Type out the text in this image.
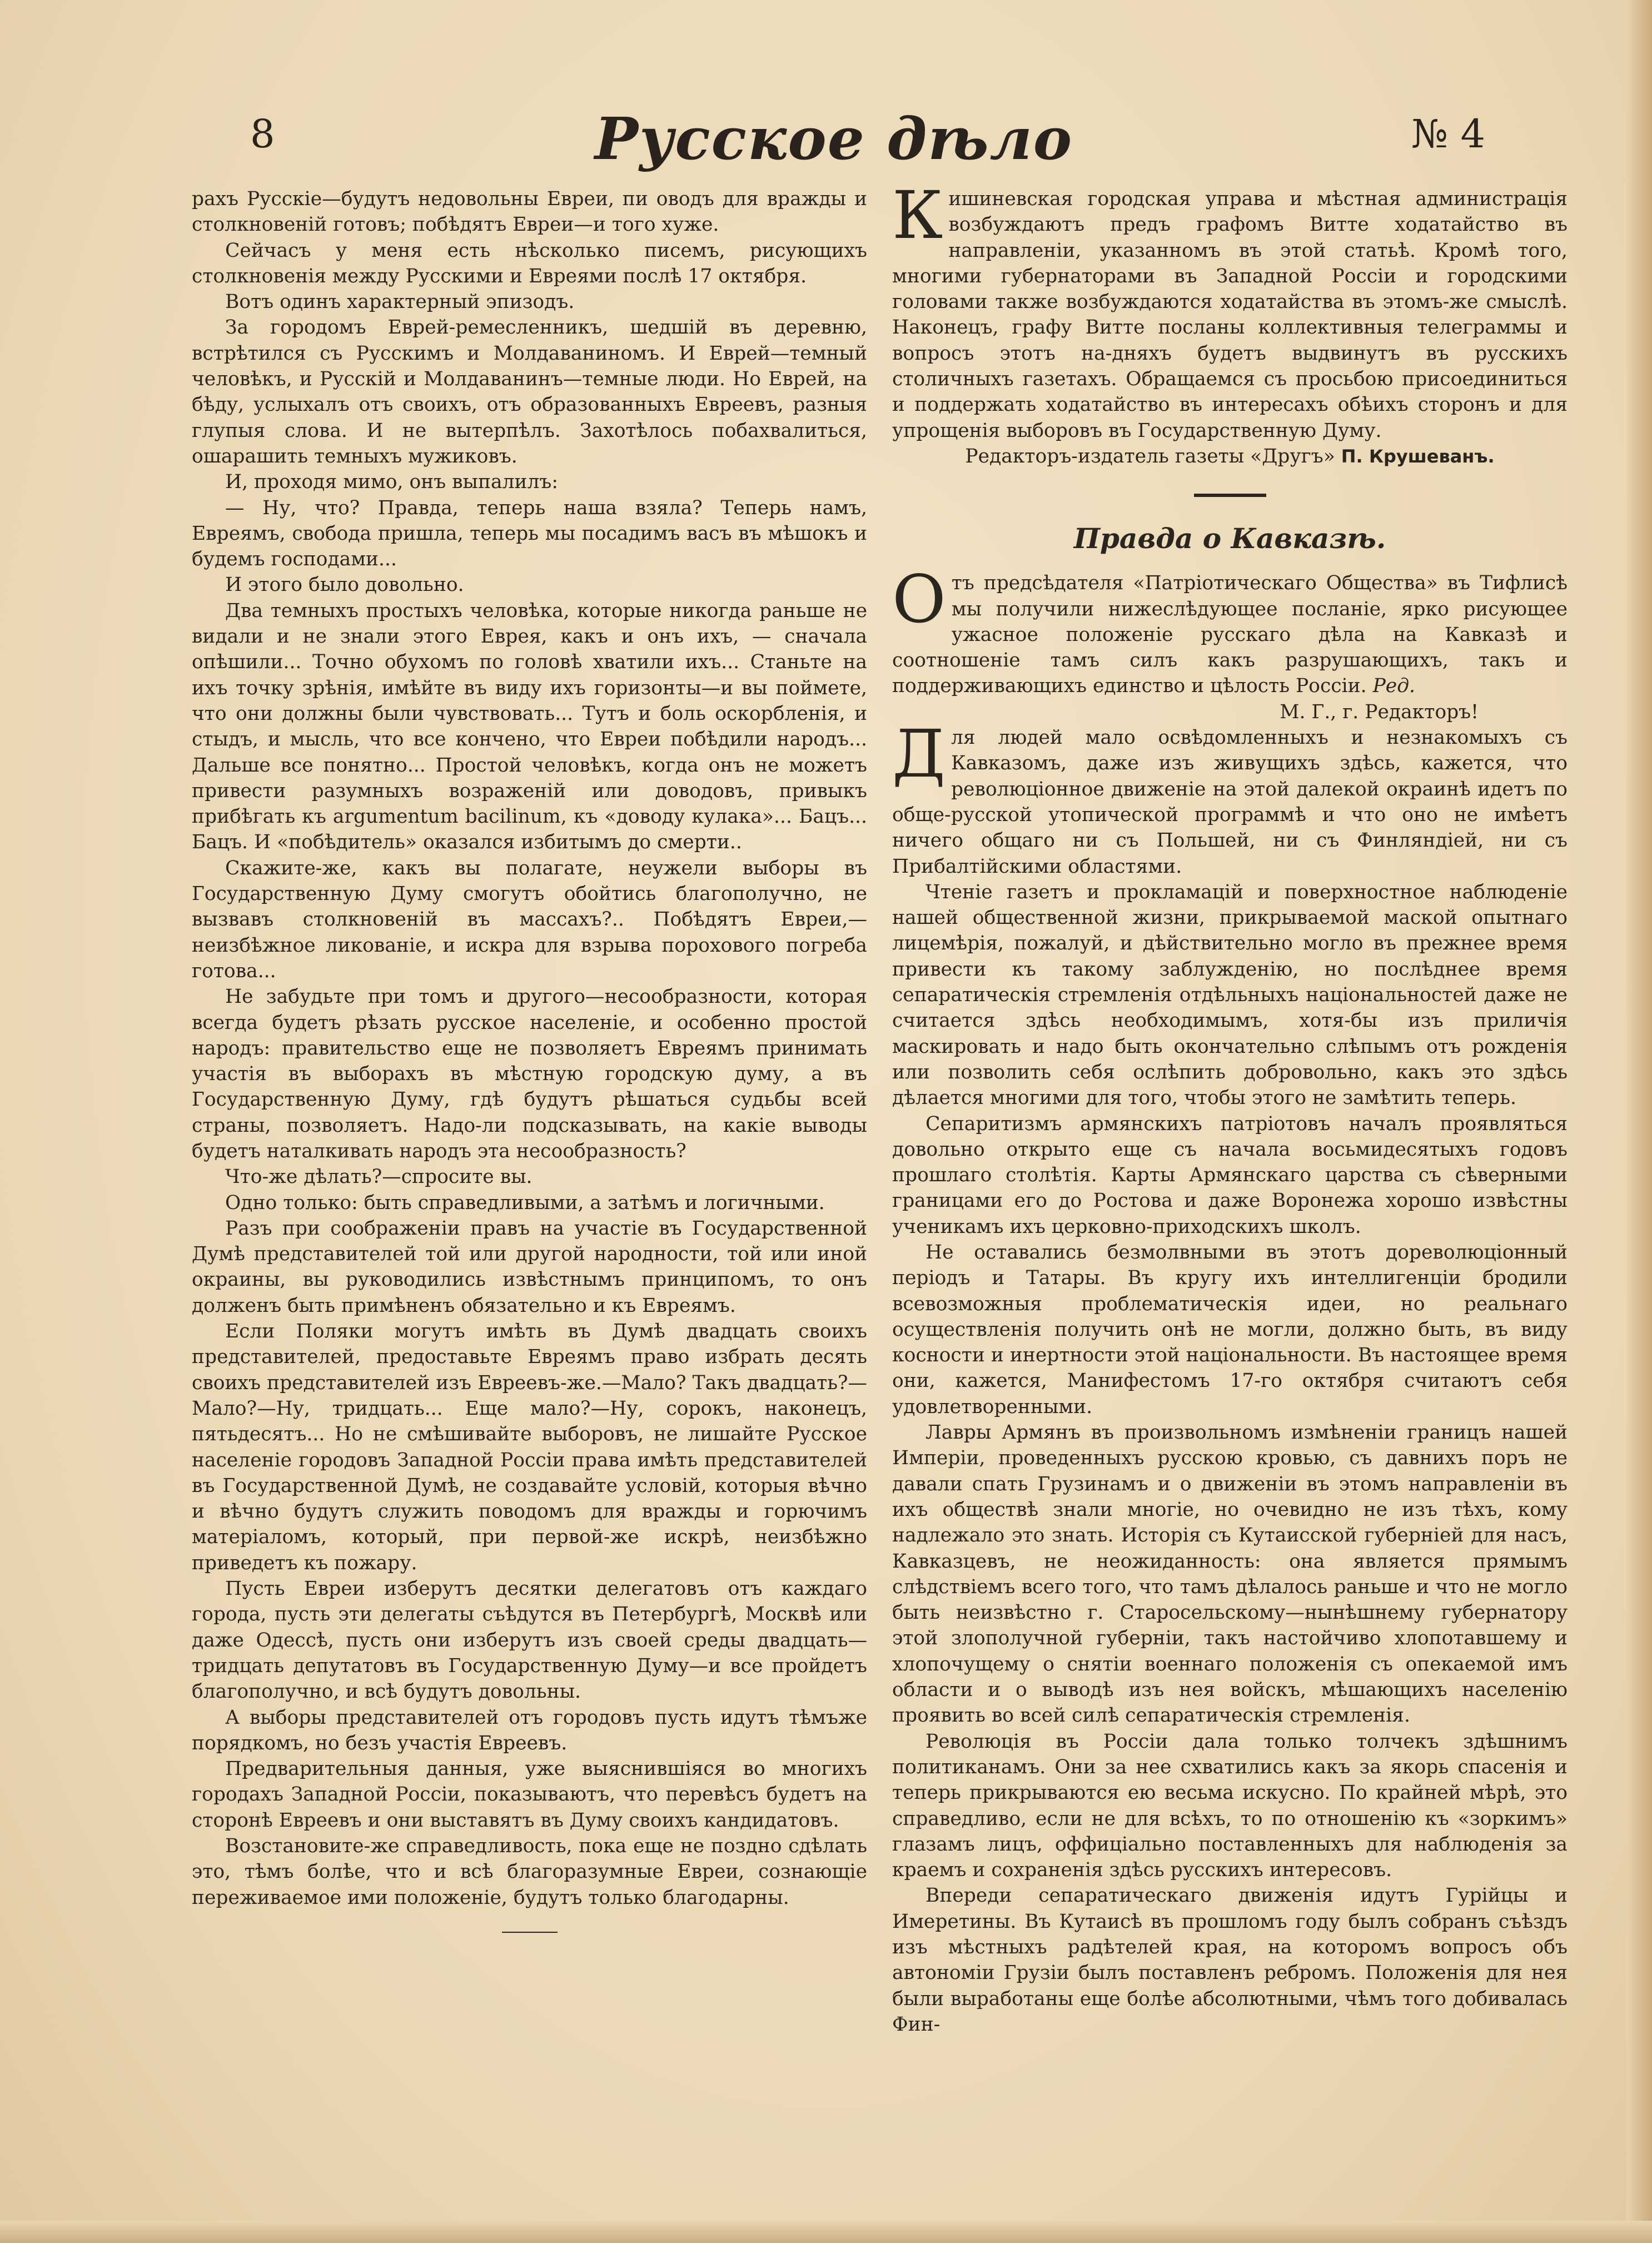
8	Русское дѣло	№ 4

рахъ Русскіе—будутъ недовольны Евреи, пи оводъ для вражды и столкновеній готовъ; побѣдятъ Евреи—и того хуже.

Сейчасъ у меня есть нѣсколько писемъ, рисующихъ столкновенія между Русскими и Евреями послѣ 17 октября.

Вотъ одинъ характерный эпизодъ.

За городомъ Еврей-ремесленникъ, шедшій въ деревню, встрѣтился съ Русскимъ и Молдаваниномъ. И Еврей—темный человѣкъ, и Русскій и Молдаванинъ—темные люди. Но Еврей, на бѣду, услыхалъ отъ своихъ, отъ образованныхъ Евреевъ, разныя глупыя слова. И не вытерпѣлъ. Захотѣлось побахвалиться, ошарашить темныхъ мужиковъ.

И, проходя мимо, онъ выпалилъ:

— Ну, что? Правда, теперь наша взяла? Теперь намъ, Евреямъ, свобода пришла, теперь мы посадимъ васъ въ мѣшокъ и будемъ господами...

И этого было довольно.

Два темныхъ простыхъ человѣка, которые никогда раньше не видали и не знали этого Еврея, какъ и онъ ихъ, — сначала опѣшили... Точно обухомъ по головѣ хватили ихъ... Станьте на ихъ точку зрѣнія, имѣйте въ виду ихъ горизонты—и вы поймете, что они должны были чувствовать... Тутъ и боль оскорбленія, и стыдъ, и мысль, что все кончено, что Евреи побѣдили народъ... Дальше все понятно... Простой человѣкъ, когда онъ не можетъ привести разумныхъ возраженій или доводовъ, привыкъ прибѣгать къ argumentum bacilinum, къ «доводу кулака»... Бацъ... Бацъ. И «побѣдитель» оказался избитымъ до смерти..

Скажите-же, какъ вы полагате, неужели выборы въ Государственную Думу смогутъ обойтись благополучно, не вызвавъ столкновеній въ массахъ?.. Побѣдятъ Евреи,—неизбѣжное ликованіе, и искра для взрыва порохового погреба готова...

Не забудьте при томъ и другого—несообразности, которая всегда будетъ рѣзать русское населеніе, и особенно простой народъ: правительство еще не позволяетъ Евреямъ принимать участія въ выборахъ въ мѣстную городскую думу, а въ Государственную Думу, гдѣ будутъ рѣшаться судьбы всей страны, позволяетъ. Надо-ли подсказывать, на какіе выводы будетъ наталкивать народъ эта несообразность?

Что-же дѣлать?—спросите вы.

Одно только: быть справедливыми, а затѣмъ и логичными.

Разъ при соображеніи правъ на участіе въ Государственной Думѣ представителей той или другой народности, той или иной окраины, вы руководились извѣстнымъ принципомъ, то онъ долженъ быть примѣненъ обязательно и къ Евреямъ.

Если Поляки могутъ имѣть въ Думѣ двадцать своихъ представителей, предоставьте Евреямъ право избрать десять своихъ представителей изъ Евреевъ-же.—Мало? Такъ двадцать?—Мало?—Ну, тридцать... Еще мало?—Ну, сорокъ, наконецъ, пятьдесятъ... Но не смѣшивайте выборовъ, не лишайте Русское населеніе городовъ Западной Россіи права имѣть представителей въ Государственной Думѣ, не создавайте условій, которыя вѣчно и вѣчно будутъ служить поводомъ для вражды и горючимъ матеріаломъ, который, при первой-же искрѣ, неизбѣжно приведетъ къ пожару.

Пусть Евреи изберутъ десятки делегатовъ отъ каждаго города, пусть эти делегаты съѣдутся въ Петербургѣ, Москвѣ или даже Одессѣ, пусть они изберутъ изъ своей среды двадцать—тридцать депутатовъ въ Государственную Думу—и все пройдетъ благополучно, и всѣ будутъ довольны.

А выборы представителей отъ городовъ пусть идутъ тѣмъже порядкомъ, но безъ участія Евреевъ.

Предварительныя данныя, уже выяснившіяся во многихъ городахъ Западной Россіи, показываютъ, что перевѣсъ будетъ на сторонѣ Евреевъ и они выставятъ въ Думу своихъ кандидатовъ.

Возстановите-же справедливость, пока еще не поздно сдѣлать это, тѣмъ болѣе, что и всѣ благоразумные Евреи, сознающіе переживаемое ими положеніе, будутъ только благодарны.

Кишиневская городская управа и мѣстная администрація возбуждаютъ предъ графомъ Витте ходатайство въ направленіи, указанномъ въ этой статьѣ. Кромѣ того, многими губернаторами въ Западной Россіи и городскими головами также возбуждаются ходатайства въ этомъ-же смыслѣ. Наконецъ, графу Витте посланы коллективныя телеграммы и вопросъ этотъ на-дняхъ будетъ выдвинутъ въ русскихъ столичныхъ газетахъ. Обращаемся съ просьбою присоединиться и поддержать ходатайство въ интересахъ обѣихъ сторонъ и для упрощенія выборовъ въ Государственную Думу.

Редакторъ-издатель газеты «Другъ» П. Крушеванъ.

Правда о Кавказѣ.

Отъ предсѣдателя «Патріотическаго Общества» въ Тифлисѣ мы получили нижеслѣдующее посланіе, ярко рисующее ужасное положеніе русскаго дѣла на Кавказѣ и соотношеніе тамъ силъ какъ разрушающихъ, такъ и поддерживающихъ единство и цѣлость Россіи. Ред.

М. Г., г. Редакторъ!

Для людей мало освѣдомленныхъ и незнакомыхъ съ Кавказомъ, даже изъ живущихъ здѣсь, кажется, что революціонное движеніе на этой далекой окраинѣ идетъ по обще-русской утопической программѣ и что оно не имѣетъ ничего общаго ни съ Польшей, ни съ Финляндіей, ни съ Прибалтійскими областями.

Чтеніе газетъ и прокламацій и поверхностное наблюденіе нашей общественной жизни, прикрываемой маской опытнаго лицемѣрія, пожалуй, и дѣйствительно могло въ прежнее время привести къ такому заблужденію, но послѣднее время сепаратическія стремленія отдѣльныхъ національностей даже не считается здѣсь необходимымъ, хотя-бы изъ приличія маскировать и надо быть окончательно слѣпымъ отъ рожденія или позволить себя ослѣпить добровольно, какъ это здѣсь дѣлается многими для того, чтобы этого не замѣтить теперь.

Сепаритизмъ армянскихъ патріотовъ началъ проявляться довольно открыто еще съ начала восьмидесятыхъ годовъ прошлаго столѣтія. Карты Армянскаго царства съ сѣверными границами его до Ростова и даже Воронежа хорошо извѣстны ученикамъ ихъ церковно-приходскихъ школъ.

Не оставались безмолвными въ этотъ дореволюціонный періодъ и Татары. Въ кругу ихъ интеллигенціи бродили всевозможныя проблематическія идеи, но реальнаго осуществленія получить онѣ не могли, должно быть, въ виду косности и инертности этой національности. Въ настоящее время они, кажется, Манифестомъ 17-го октября считаютъ себя удовлетворенными.

Лавры Армянъ въ произвольномъ измѣненіи границъ нашей Имперіи, проведенныхъ русскою кровью, съ давнихъ поръ не давали спать Грузинамъ и о движеніи въ этомъ направленіи въ ихъ обществѣ знали многіе, но очевидно не изъ тѣхъ, кому надлежало это знать. Исторія съ Кутаисской губерніей для насъ, Кавказцевъ, не неожиданность: она является прямымъ слѣдствіемъ всего того, что тамъ дѣлалось раньше и что не могло быть неизвѣстно г. Старосельскому—нынѣшнему губернатору этой злополучной губерніи, такъ настойчиво хлопотавшему и хлопочущему о снятіи военнаго положенія съ опекаемой имъ области и о выводѣ изъ нея войскъ, мѣшающихъ населенію проявить во всей силѣ сепаратическія стремленія.

Революція въ Россіи дала только толчекъ здѣшнимъ политиканамъ. Они за нее схватились какъ за якорь спасенія и теперь прикрываются ею весьма искусно. По крайней мѣрѣ, это справедливо, если не для всѣхъ, то по отношенію къ «зоркимъ» глазамъ лицъ, оффиціально поставленныхъ для наблюденія за краемъ и сохраненія здѣсь русскихъ интересовъ.

Впереди сепаратическаго движенія идутъ Гурійцы и Имеретины. Въ Кутаисѣ въ прошломъ году былъ собранъ съѣздъ изъ мѣстныхъ радѣтелей края, на которомъ вопросъ объ автономіи Грузіи былъ поставленъ ребромъ. Положенія для нея были выработаны еще болѣе абсолютными, чѣмъ того добивалась Фин-
